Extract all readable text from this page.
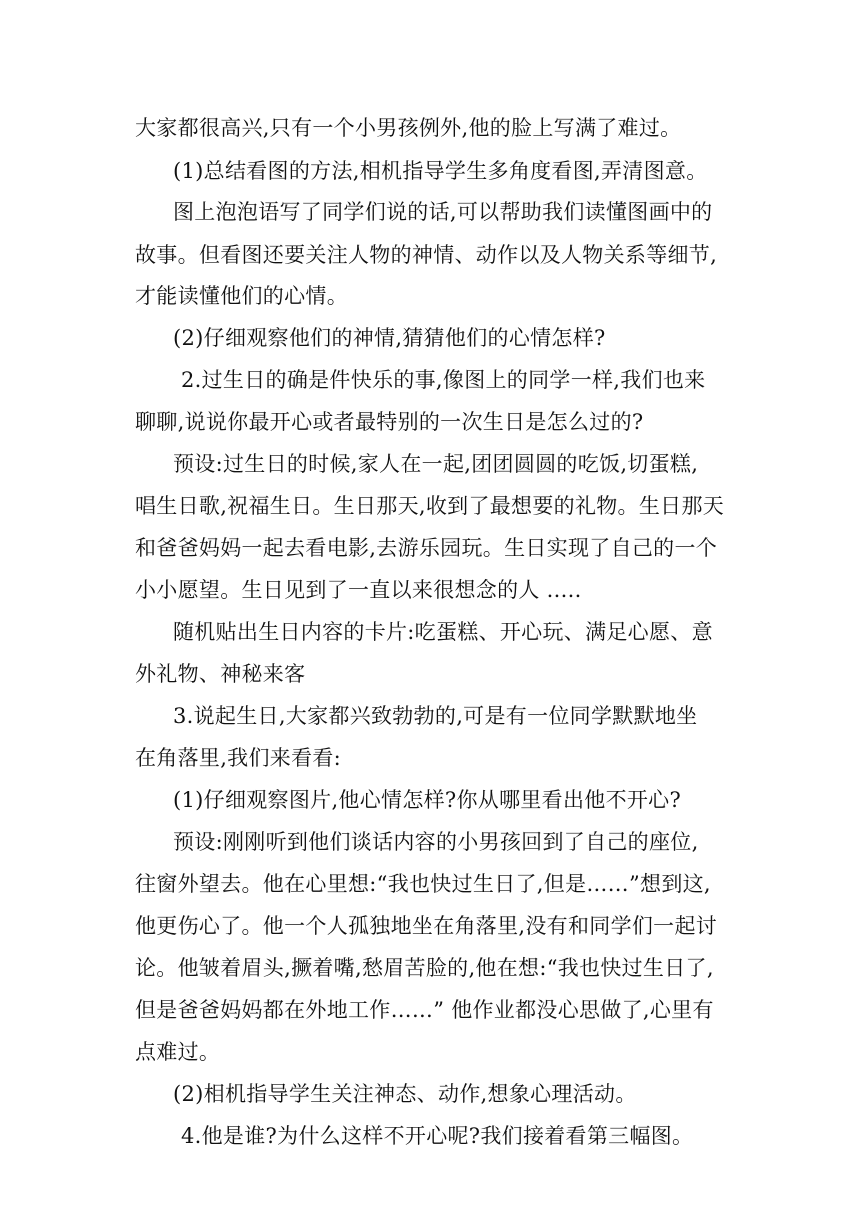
大家都很高兴,只有一个小男孩例外,他的脸上写满了难过。
(1)总结看图的方法,相机指导学生多角度看图,弄清图意。
图上泡泡语写了同学们说的话,可以帮助我们读懂图画中的
故事。但看图还要关注人物的神情、动作以及人物关系等细节,
才能读懂他们的心情。
(2)仔细观察他们的神情,猜猜他们的心情怎样?
2.过生日的确是件快乐的事,像图上的同学一样,我们也来
聊聊,说说你最开心或者最特别的一次生日是怎么过的?
预设:过生日的时候,家人在一起,团团圆圆的吃饭,切蛋糕,
唱生日歌,祝福生日。生日那天,收到了最想要的礼物。生日那天
和爸爸妈妈一起去看电影,去游乐园玩。生日实现了自己的一个
小小愿望。生日见到了一直以来很想念的人 .....
随机贴出生日内容的卡片:吃蛋糕、开心玩、满足心愿、意
外礼物、神秘来客
3.说起生日,大家都兴致勃勃的,可是有一位同学默默地坐
在角落里,我们来看看:
(1)仔细观察图片,他心情怎样?你从哪里看出他不开心?
预设:刚刚听到他们谈话内容的小男孩回到了自己的座位,
往窗外望去。他在心里想:“我也快过生日了,但是……”想到这,
他更伤心了。他一个人孤独地坐在角落里,没有和同学们一起讨
论。他皱着眉头,撅着嘴,愁眉苦脸的,他在想:“我也快过生日了,
但是爸爸妈妈都在外地工作……” 他作业都没心思做了,心里有
点难过。
(2)相机指导学生关注神态、动作,想象心理活动。
4.他是谁?为什么这样不开心呢?我们接着看第三幅图。
